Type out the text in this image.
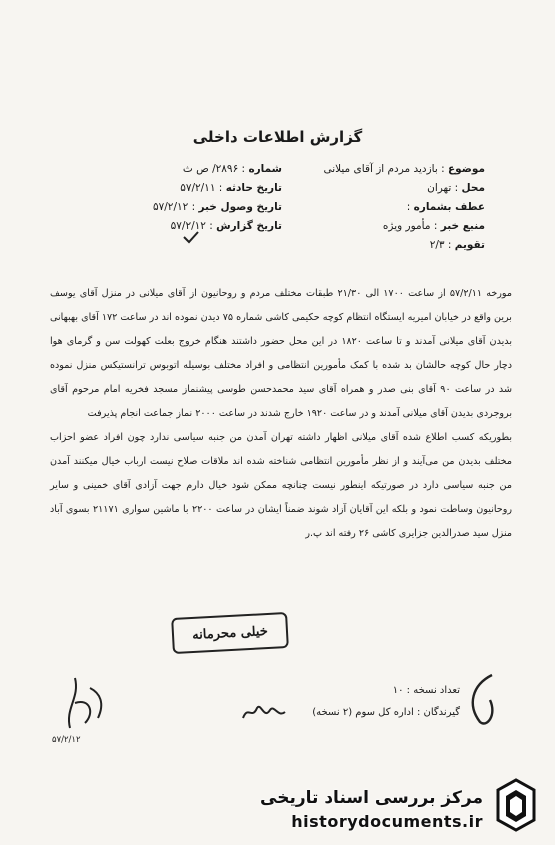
گزارش اطلاعات داخلی
موضوع : بازدید مردم از آقای میلانی
محل : تهران
عطف بشماره :
منبع خبر : مأمور ویژه
تقویم : ۲/۳
شماره : ۲۸۹۶/ ص ث
تاریخ حادثه : ۵۷/۲/۱۱
تاریخ وصول خبر : ۵۷/۲/۱۲
تاریخ گزارش : ۵۷/۲/۱۲

مورخه ۵۷/۲/۱۱ از ساعت ۱۷۰۰ الی ۲۱/۳۰ طبقات مختلف مردم و روحانیون از آقای میلانی در منزل آقای یوسف برین واقع در خیابان امیریه ایستگاه انتظام کوچه حکیمی کاشی شماره ۷۵ دیدن نموده اند در ساعت ۱۷۲ آقای بهبهانی بدیدن آقای میلانی آمدند و تا ساعت ۱۸۲۰ در این محل حضور داشتند هنگام خروج بعلت کهولت سن و گرمای هوا دچار حال کوچه حالشان بد شده با کمک مأمورین انتظامی و افراد مختلف بوسیله اتوبوس ترانستیکس منزل نموده شد در ساعت ۹۰ آقای بنی صدر و همراه آقای سید محمدحسن طوسی پیشنماز مسجد فخریه امام مرحوم آقای بروجردی بدیدن آقای میلانی آمدند و در ساعت ۱۹۲۰ خارج شدند در ساعت ۲۰۰۰ نماز جماعت انجام پذیرفت

بطوریکه کسب اطلاع شده آقای میلانی اظهار داشته تهران آمدن من جنبه سیاسی ندارد چون افراد عضو احزاب مختلف بدیدن من می‌آیند و از نظر مأمورین انتظامی شناخته شده اند ملاقات صلاح نیست ارباب خیال میکنند آمدن من جنبه سیاسی دارد در صورتیکه اینطور نیست چنانچه ممکن شود خیال دارم جهت آزادی آقای خمینی و سایر روحانیون وساطت نمود و بلکه این آقایان آزاد شوند ضمناً ایشان در ساعت ۲۲۰۰ با ماشین سواری ۲۱۱۷۱ بسوی آباد منزل سید صدرالدین جزایری کاشی ۲۶ رفته اند پ.ر

خیلی محرمانه
تعداد نسخه : ۱۰
گیرندگان : اداره کل سوم (۲ نسخه)
۵۷/۲/۱۲
مرکز بررسی اسناد تاریخی
historydocuments.ir
